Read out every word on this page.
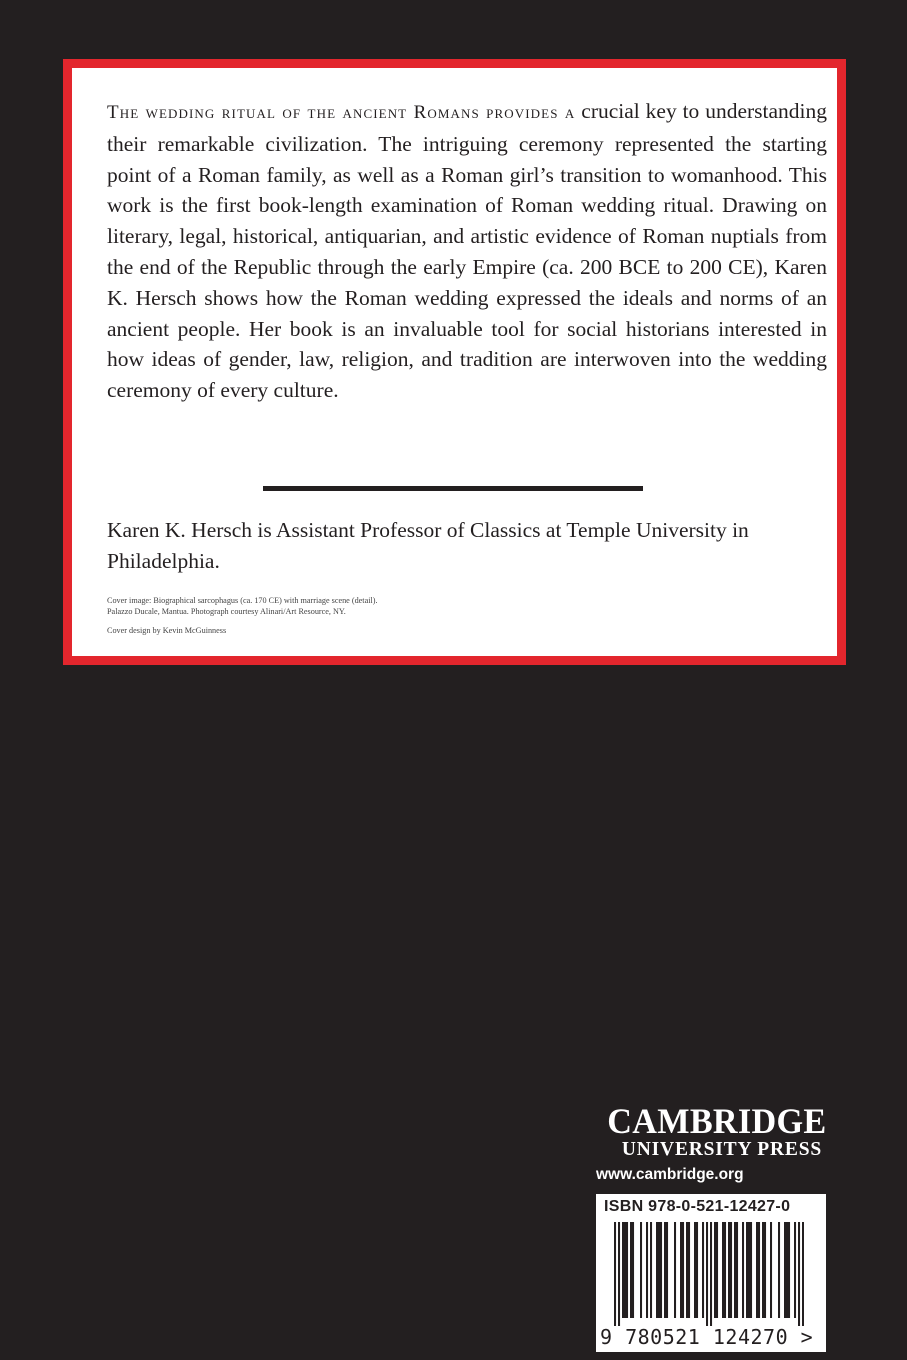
The wedding ritual of the ancient Romans provides a crucial key to understanding their remarkable civilization. The intriguing ceremony represented the starting point of a Roman family, as well as a Roman girl’s transition to womanhood. This work is the first book-length examination of Roman wedding ritual. Drawing on literary, legal, historical, antiquarian, and artistic evidence of Roman nuptials from the end of the Republic through the early Empire (ca. 200 BCE to 200 CE), Karen K. Hersch shows how the Roman wedding expressed the ideals and norms of an ancient people. Her book is an invaluable tool for social historians interested in how ideas of gender, law, religion, and tradition are interwoven into the wedding ceremony of every culture.

Karen K. Hersch is Assistant Professor of Classics at Temple University in Philadelphia.

Cover image: Biographical sarcophagus (ca. 170 CE) with marriage scene (detail).
Palazzo Ducale, Mantua. Photograph courtesy Alinari/Art Resource, NY.
Cover design by Kevin McGuinness

CAMBRIDGE
UNIVERSITY PRESS
www.cambridge.org
ISBN 978-0-521-12427-0
9 780521 124270 >
